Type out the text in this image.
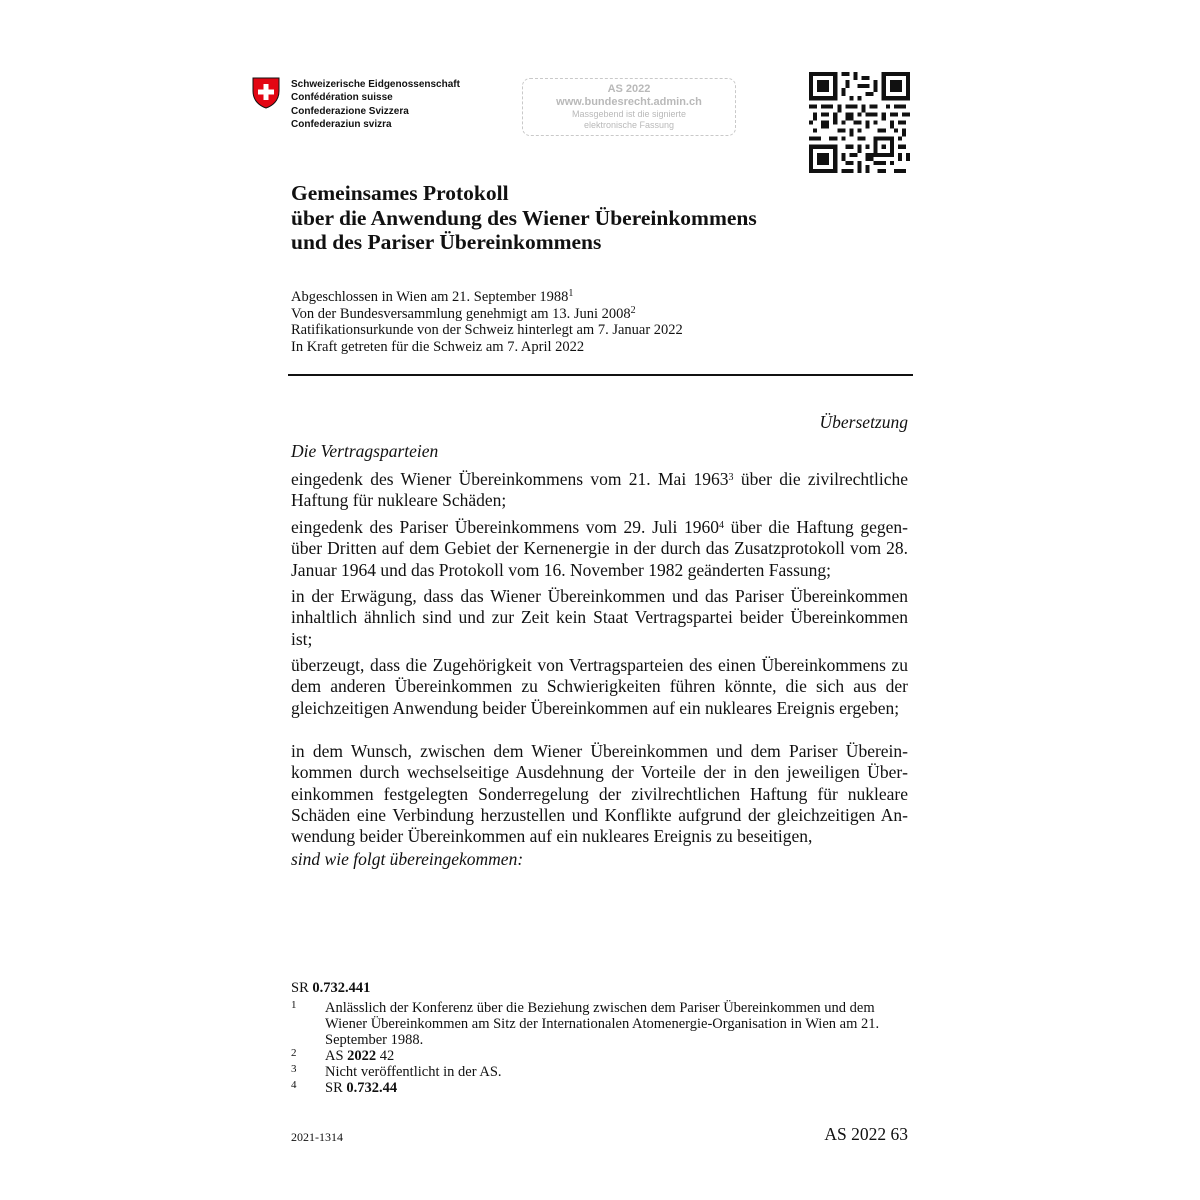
Schweizerische Eidgenossenschaft
Confédération suisse
Confederazione Svizzera
Confederaziun svizra
AS 2022
www.bundesrecht.admin.ch
Massgebend ist die signierte
elektronische Fassung
Gemeinsames Protokoll
über die Anwendung des Wiener Übereinkommens
und des Pariser Übereinkommens
Abgeschlossen in Wien am 21. September 1988$^1$
Von der Bundesversammlung genehmigt am 13. Juni 2008$^2$
Ratifikationsurkunde von der Schweiz hinterlegt am 7. Januar 2022
In Kraft getreten für die Schweiz am 7. April 2022
Übersetzung
Die Vertragsparteien

eingedenk des Wiener Übereinkommens vom 21. Mai 1963$^3$ über die zivilrechtliche Haftung für nukleare Schäden;

eingedenk des Pariser Übereinkommens vom 29. Juli 1960$^4$ über die Haftung gegenüber Dritten auf dem Gebiet der Kernenergie in der durch das Zusatzprotokoll vom 28. Januar 1964 und das Protokoll vom 16. November 1982 geänderten Fassung;

in der Erwägung, dass das Wiener Übereinkommen und das Pariser Übereinkommen inhaltlich ähnlich sind und zur Zeit kein Staat Vertragspartei beider Übereinkommen ist;

überzeugt, dass die Zugehörigkeit von Vertragsparteien des einen Übereinkommens zu dem anderen Übereinkommen zu Schwierigkeiten führen könnte, die sich aus der gleichzeitigen Anwendung beider Übereinkommen auf ein nukleares Ereignis ergeben;

in dem Wunsch, zwischen dem Wiener Übereinkommen und dem Pariser Übereinkommen durch wechselseitige Ausdehnung der Vorteile der in den jeweiligen Übereinkommen festgelegten Sonderregelung der zivilrechtlichen Haftung für nukleare Schäden eine Verbindung herzustellen und Konflikte aufgrund der gleichzeitigen Anwendung beider Übereinkommen auf ein nukleares Ereignis zu beseitigen,

sind wie folgt übereingekommen:
SR 0.732.441
1 Anlässlich der Konferenz über die Beziehung zwischen dem Pariser Übereinkommen und dem Wiener Übereinkommen am Sitz der Internationalen Atomenergie-Organisation in Wien am 21. September 1988.
2 AS 2022 42
3 Nicht veröffentlicht in der AS.
4 SR 0.732.44
2021-1314	AS 2022 63
